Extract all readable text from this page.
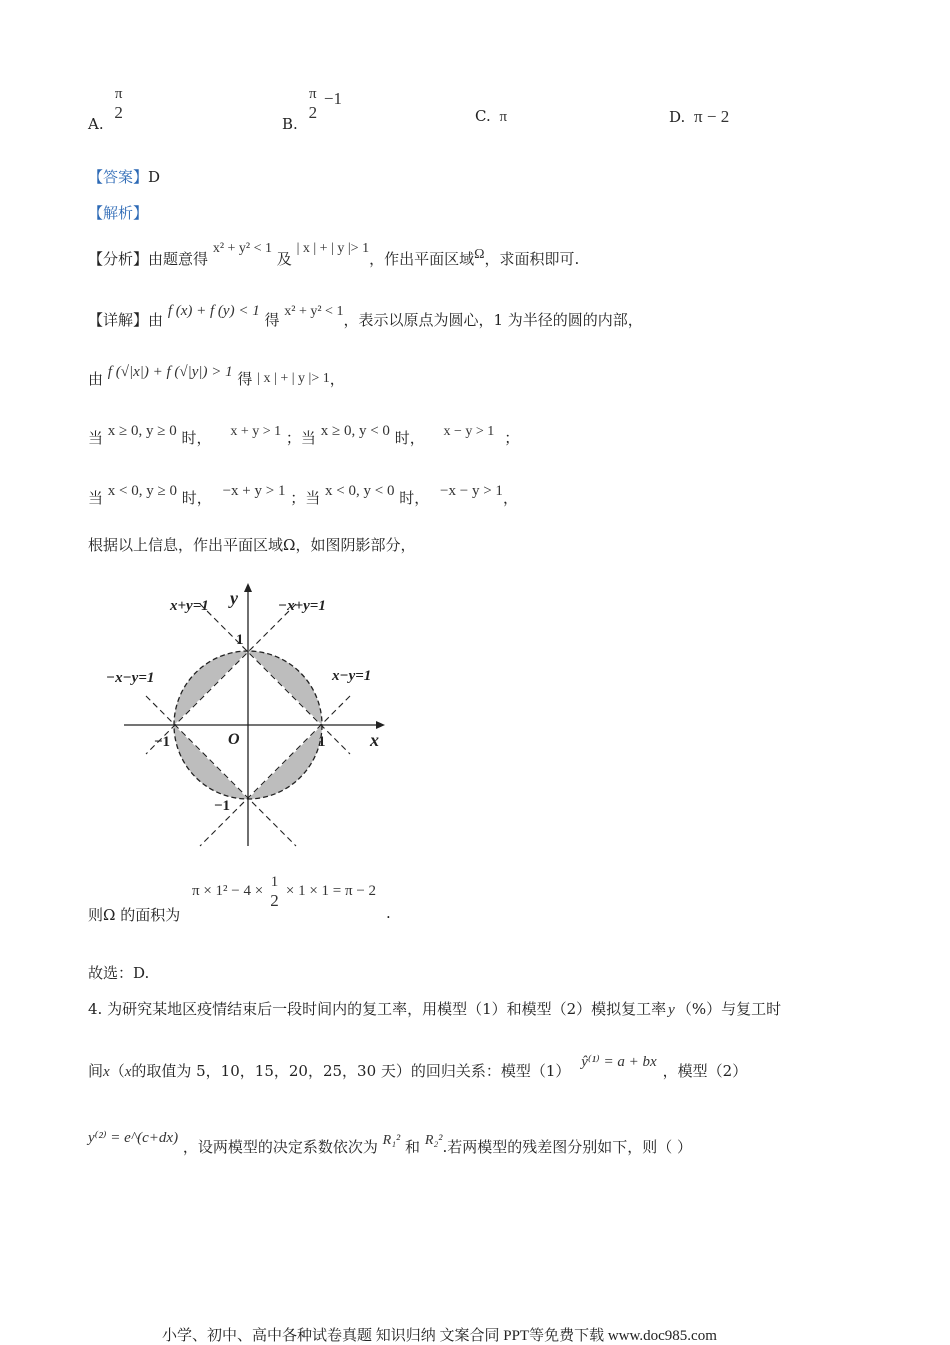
A.
π
2
B.
π
2
−1
C. π	D. π − 2
【答案】D
【解析】
【分析】由题意得 x² + y² < 1 及 | x | + | y |> 1，作出平面区域Ω，求面积即可.
【详解】由 f (x) + f (y) < 1 得 x² + y² < 1，表示以原点为圆心，1 为半径的圆的内部，
由 f (√|x|) + f (√|y|) > 1 得 | x | + | y |> 1，
当 x ≥ 0, y ≥ 0 时， x + y > 1 ；当 x ≥ 0, y < 0 时， x − y > 1 ；
当 x < 0, y ≥ 0 时， −x + y > 1 ；当 x < 0, y < 0 时， −x − y > 1，
根据以上信息，作出平面区域Ω，如图阴影部分，
x+y=1	−x+y=1
−x−y=1	x−y=1
y
x
O
1
−1
−1	1
则Ω 的面积为
π × 1² − 4 ×
1
2
× 1 × 1 = π − 2
.
故选：D.
4. 为研究某地区疫情结束后一段时间内的复工率，用模型（1）和模型（2）模拟复工率 y （%）与复工时
间x（x的取值为 5，10，15，20，25，30 天）的回归关系：模型（1） ŷ⁽¹⁾ = a + bx ，模型（2）
y⁽²⁾ = e^(c+dx) ，设两模型的决定系数依次为 R₁² 和 R₂².若两模型的残差图分别如下，则（ ）
小学、初中、高中各种试卷真题 知识归纳 文案合同 PPT等免费下载 www.doc985.com
